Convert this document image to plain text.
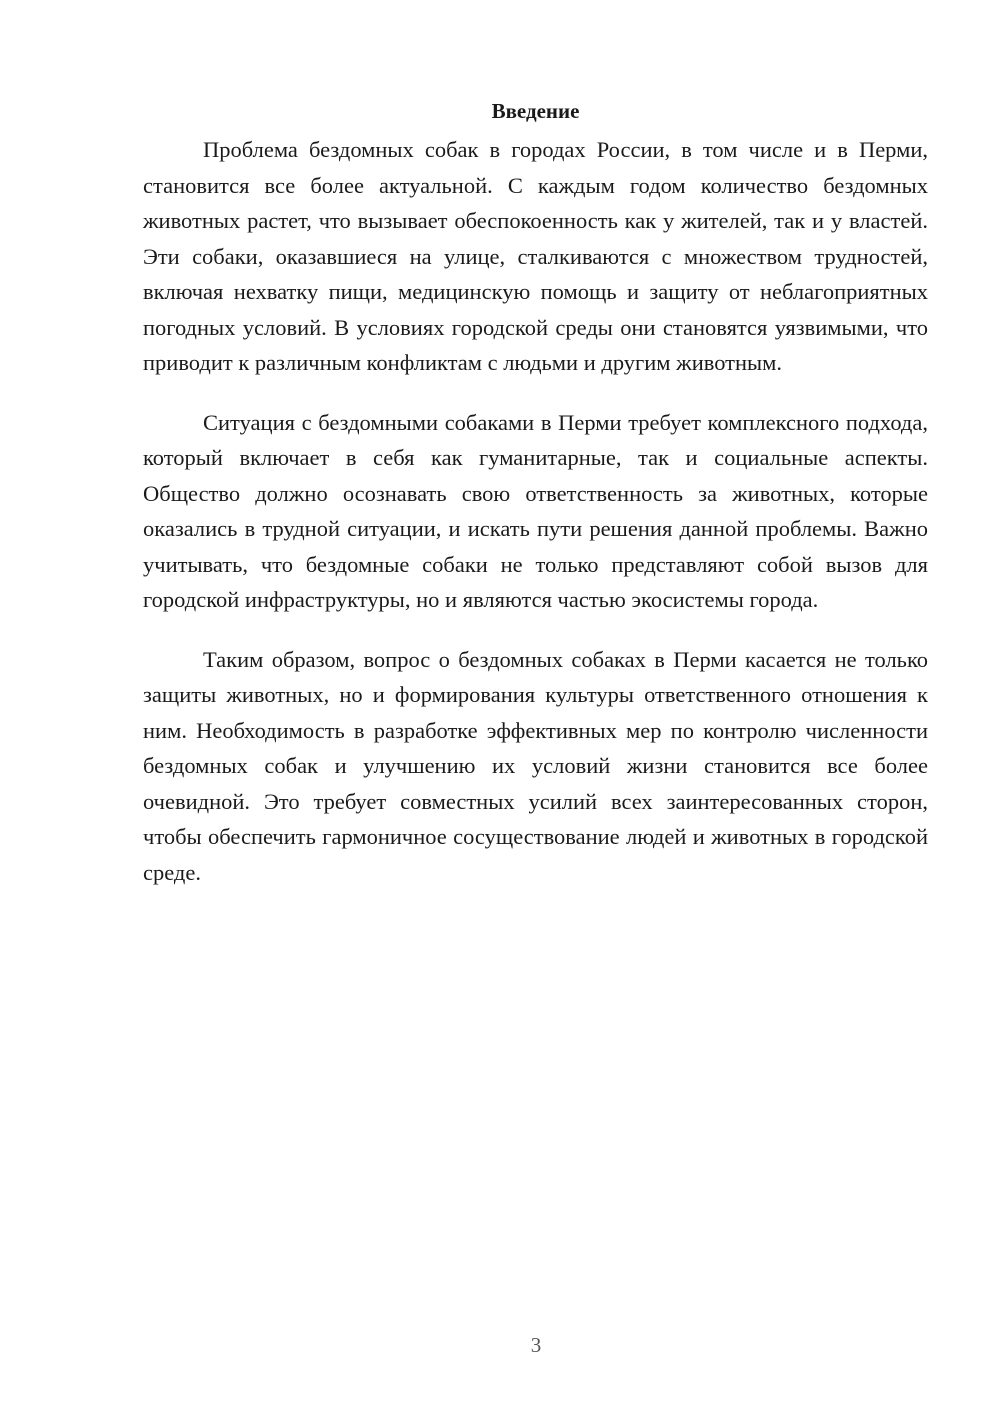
Введение

Проблема бездомных собак в городах России, в том числе и в Перми, становится все более актуальной. С каждым годом количество бездомных животных растет, что вызывает обеспокоенность как у жителей, так и у властей. Эти собаки, оказавшиеся на улице, сталкиваются с множеством трудностей, включая нехватку пищи, медицинскую помощь и защиту от неблагоприятных погодных условий. В условиях городской среды они становятся уязвимыми, что приводит к различным конфликтам с людьми и другим животным.

Ситуация с бездомными собаками в Перми требует комплексного подхода, который включает в себя как гуманитарные, так и социальные аспекты. Общество должно осознавать свою ответственность за животных, которые оказались в трудной ситуации, и искать пути решения данной проблемы. Важно учитывать, что бездомные собаки не только представляют собой вызов для городской инфраструктуры, но и являются частью экосистемы города.

Таким образом, вопрос о бездомных собаках в Перми касается не только защиты животных, но и формирования культуры ответственного отношения к ним. Необходимость в разработке эффективных мер по контролю численности бездомных собак и улучшению их условий жизни становится все более очевидной. Это требует совместных усилий всех заинтересованных сторон, чтобы обеспечить гармоничное сосуществование людей и животных в городской среде.

3
